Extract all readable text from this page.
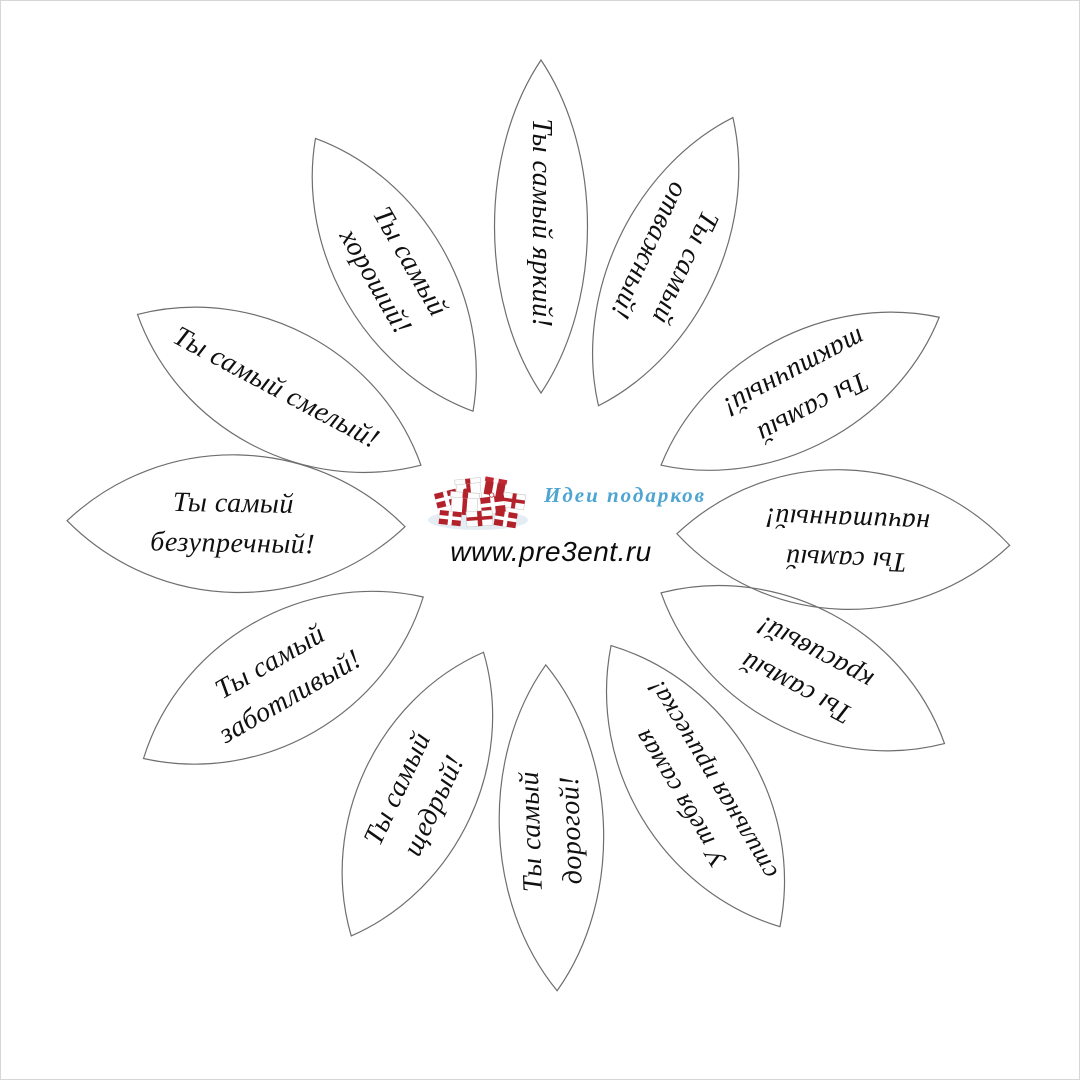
Ты самый яркий!	Ты самый
отважный!
Ты самый
тактичный!
Ты самый
начитанный!
Ты самый
красивый!
У тебя самая
стильная прическа!
Ты самый
дорогой!
Ты самый
щедрый!
Ты самый
заботливый!
Ты самый
безупречный!
Ты самый смелый!
Ты самый
хороший!
Идеи подарков
www.pre3ent.ru
